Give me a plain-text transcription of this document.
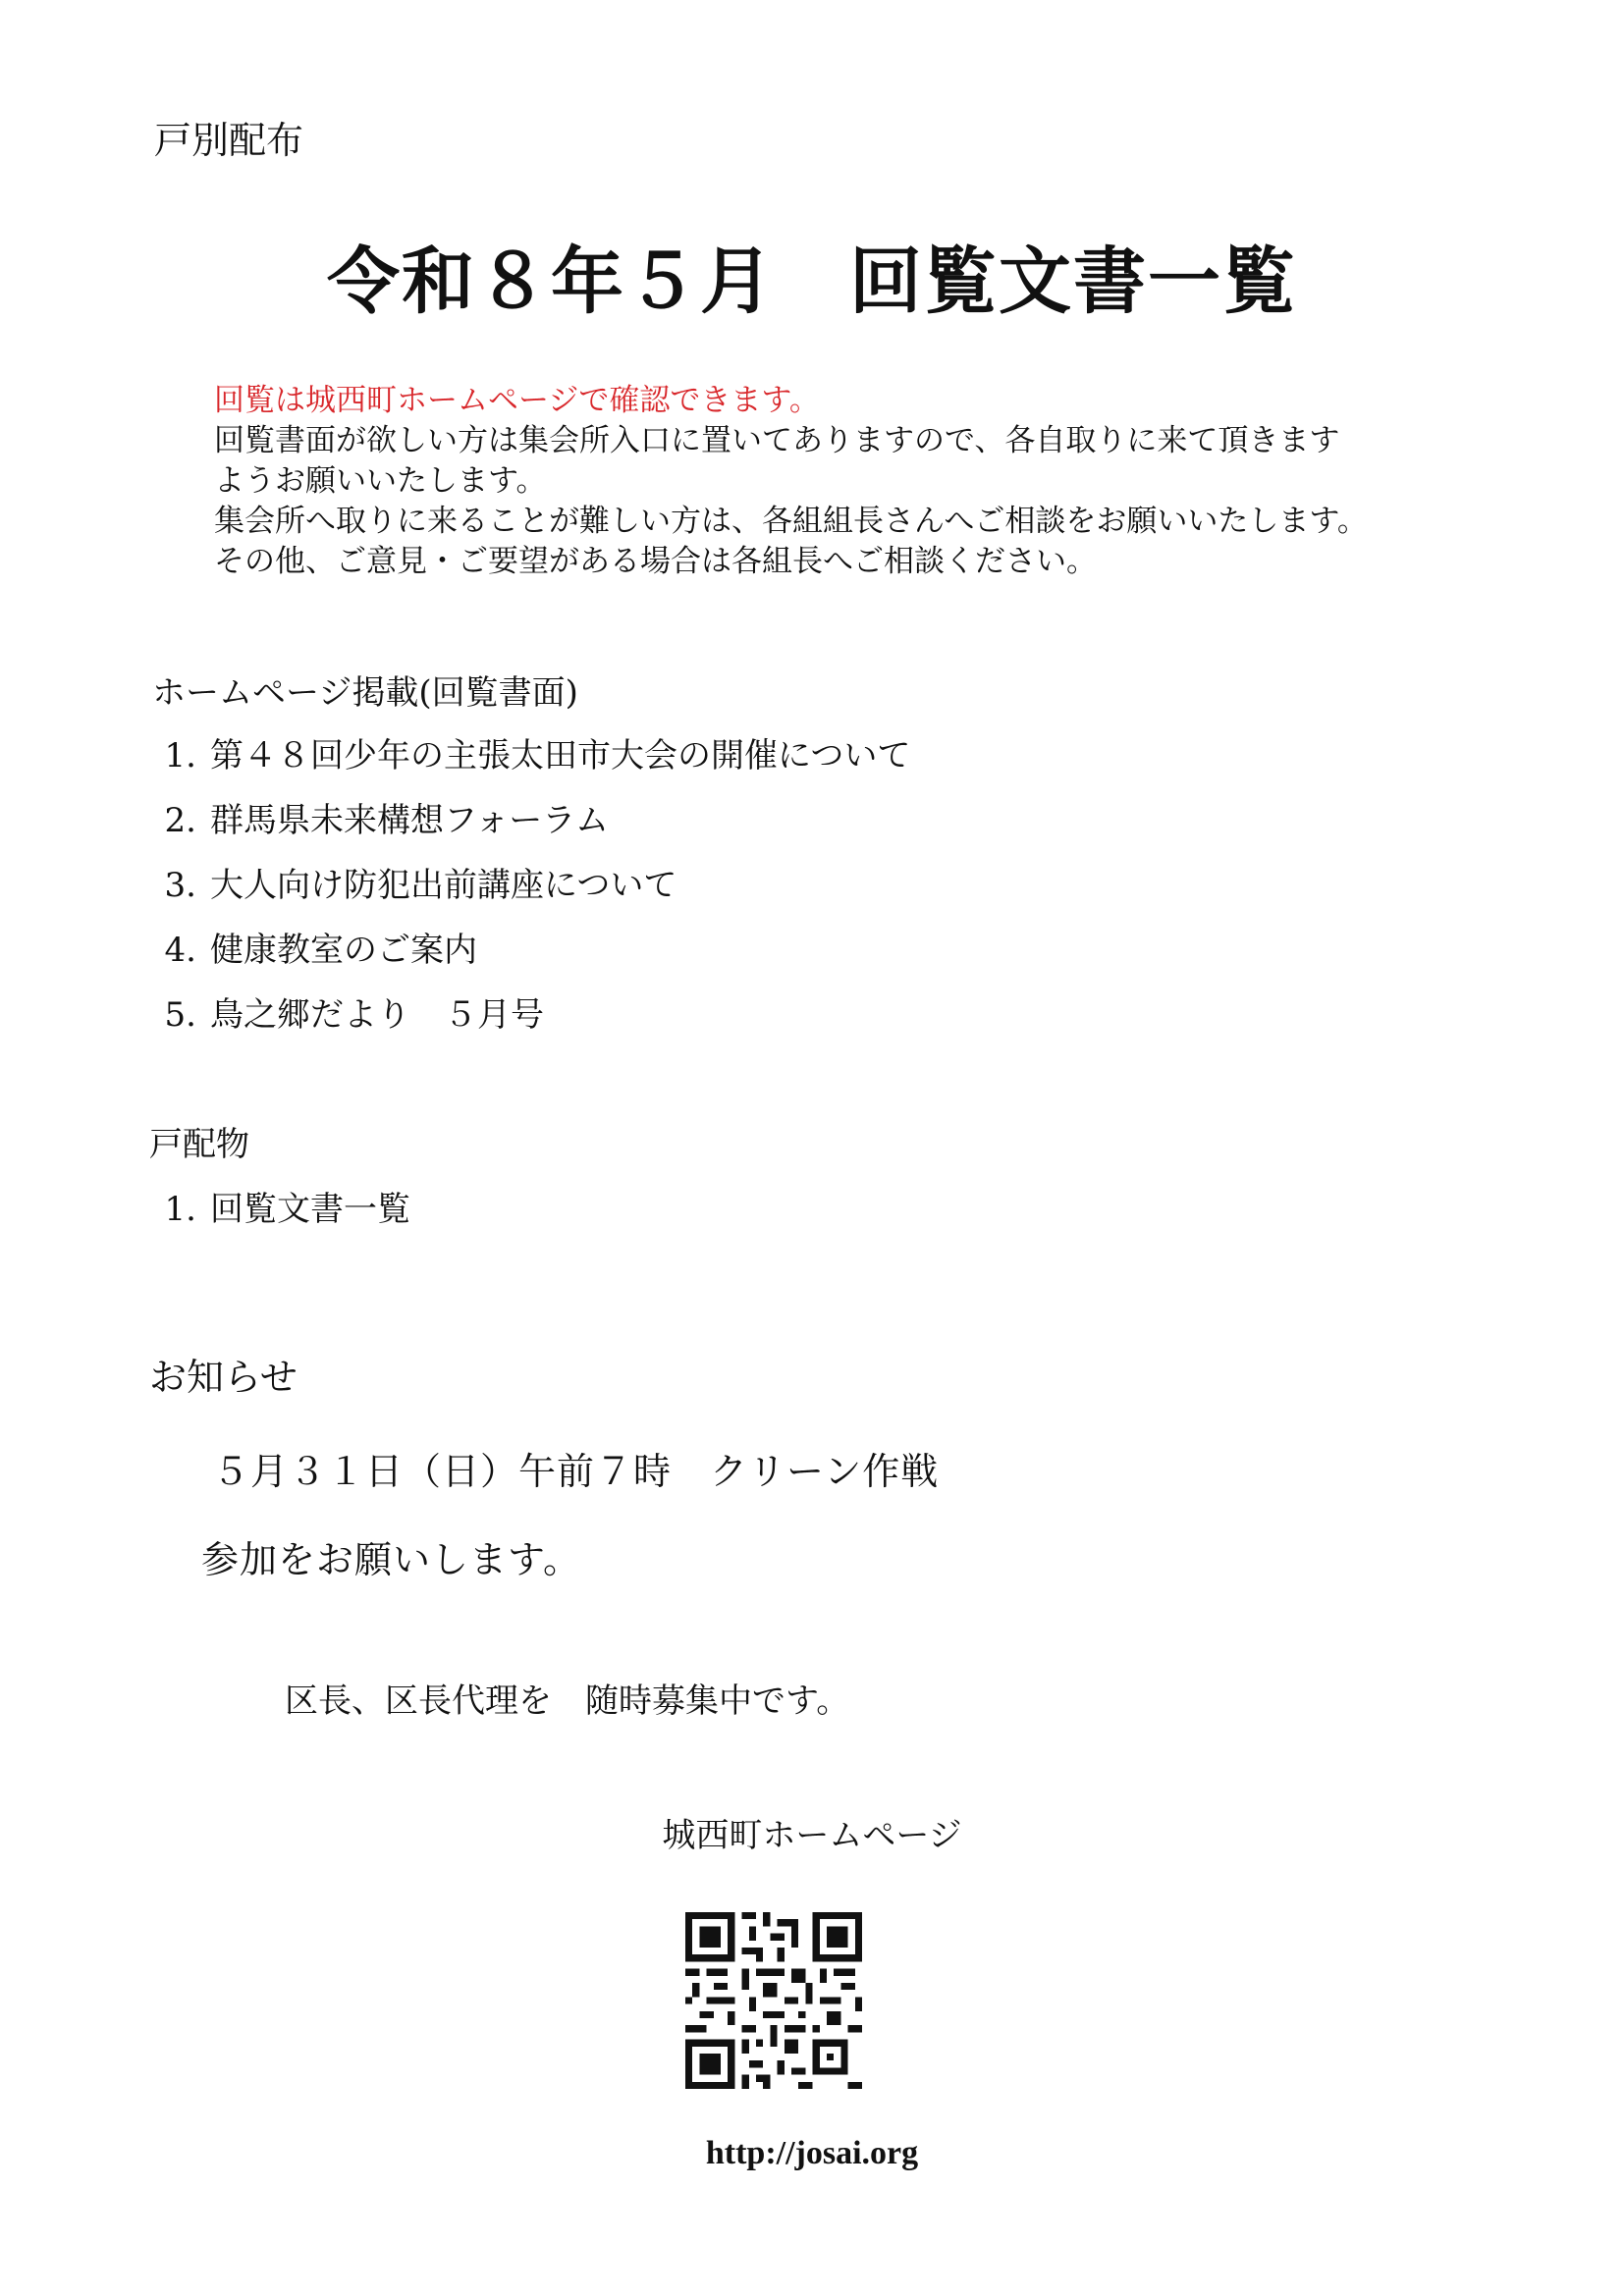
戸別配布
令和８年５月　回覧文書一覧
回覧は城西町ホームページで確認できます。
回覧書面が欲しい方は集会所入口に置いてありますので、各自取りに来て頂きます
ようお願いいたします。
集会所へ取りに来ることが難しい方は、各組組長さんへご相談をお願いいたします。
その他、ご意見・ご要望がある場合は各組長へご相談ください。
ホームページ掲載(回覧書面)
1. 第４８回少年の主張太田市大会の開催について
2. 群馬県未来構想フォーラム
3. 大人向け防犯出前講座について
4. 健康教室のご案内
5. 鳥之郷だより　５月号
戸配物
1. 回覧文書一覧
お知らせ
５月３１日（日）午前７時　クリーン作戦
参加をお願いします。
区長、区長代理を　随時募集中です。
城西町ホームページ
http://josai.org
